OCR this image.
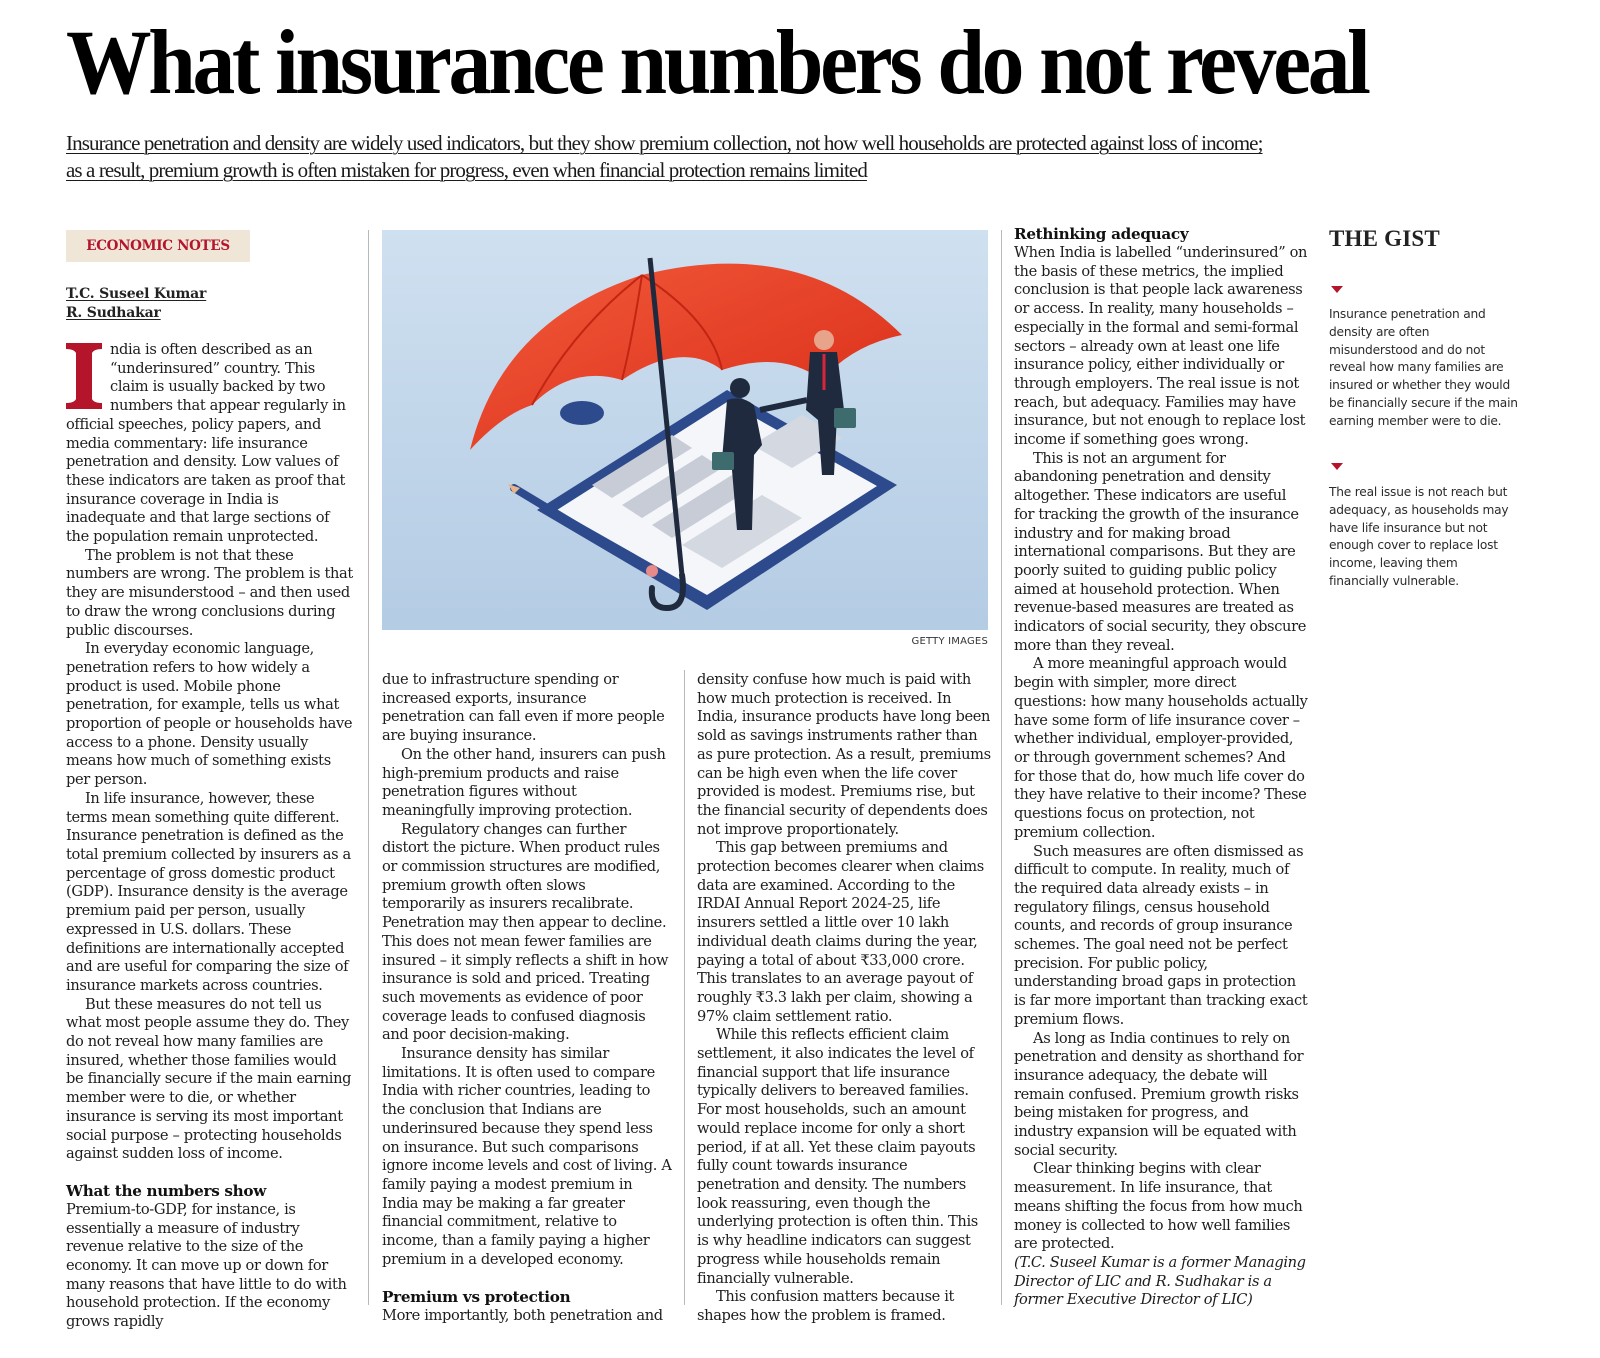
What insurance numbers do not reveal
Insurance penetration and density are widely used indicators, but they show premium collection, not how well households are protected against loss of income;
as a result, premium growth is often mistaken for progress, even when financial protection remains limited
ECONOMIC NOTES
T.C. Suseel Kumar
R. Sudhakar

ndia is often described as an “underinsured” country. This claim is usually backed by two numbers that appear regularly in official speeches, policy papers, and media commentary: life insurance penetration and density. Low values of these indicators are taken as proof that insurance coverage in India is inadequate and that large sections of the population remain unprotected.

The problem is not that these numbers are wrong. The problem is that they are misunderstood – and then used to draw the wrong conclusions during public discourses.

In everyday economic language, penetration refers to how widely a product is used. Mobile phone penetration, for example, tells us what proportion of people or households have access to a phone. Density usually means how much of something exists per person.

In life insurance, however, these terms mean something quite different. Insurance penetration is defined as the total premium collected by insurers as a percentage of gross domestic product (GDP). Insurance density is the average premium paid per person, usually expressed in U.S. dollars. These definitions are internationally accepted and are useful for comparing the size of insurance markets across countries.

But these measures do not tell us what most people assume they do. They do not reveal how many families are insured, whether those families would be financially secure if the main earning member were to die, or whether insurance is serving its most important social purpose – protecting households against sudden loss of income.

What the numbers show

Premium-to-GDP, for instance, is essentially a measure of industry revenue relative to the size of the economy. It can move up or down for many reasons that have little to do with household protection. If the economy grows rapidly

GETTY IMAGES

due to infrastructure spending or increased exports, insurance penetration can fall even if more people are buying insurance.

On the other hand, insurers can push high-premium products and raise penetration figures without meaningfully improving protection.

Regulatory changes can further distort the picture. When product rules or commission structures are modified, premium growth often slows temporarily as insurers recalibrate. Penetration may then appear to decline. This does not mean fewer families are insured – it simply reflects a shift in how insurance is sold and priced. Treating such movements as evidence of poor coverage leads to confused diagnosis and poor decision-making.

Insurance density has similar limitations. It is often used to compare India with richer countries, leading to the conclusion that Indians are underinsured because they spend less on insurance. But such comparisons ignore income levels and cost of living. A family paying a modest premium in India may be making a far greater financial commitment, relative to income, than a family paying a higher premium in a developed economy.

Premium vs protection

More importantly, both penetration and

density confuse how much is paid with how much protection is received. In India, insurance products have long been sold as savings instruments rather than as pure protection. As a result, premiums can be high even when the life cover provided is modest. Premiums rise, but the financial security of dependents does not improve proportionately.

This gap between premiums and protection becomes clearer when claims data are examined. According to the IRDAI Annual Report 2024-25, life insurers settled a little over 10 lakh individual death claims during the year, paying a total of about ₹33,000 crore. This translates to an average payout of roughly ₹3.3 lakh per claim, showing a 97% claim settlement ratio.

While this reflects efficient claim settlement, it also indicates the level of financial support that life insurance typically delivers to bereaved families. For most households, such an amount would replace income for only a short period, if at all. Yet these claim payouts fully count towards insurance penetration and density. The numbers look reassuring, even though the underlying protection is often thin. This is why headline indicators can suggest progress while households remain financially vulnerable.

This confusion matters because it shapes how the problem is framed.

Rethinking adequacy

When India is labelled “underinsured” on the basis of these metrics, the implied conclusion is that people lack awareness or access. In reality, many households – especially in the formal and semi-formal sectors – already own at least one life insurance policy, either individually or through employers. The real issue is not reach, but adequacy. Families may have insurance, but not enough to replace lost income if something goes wrong.

This is not an argument for abandoning penetration and density altogether. These indicators are useful for tracking the growth of the insurance industry and for making broad international comparisons. But they are poorly suited to guiding public policy aimed at household protection. When revenue-based measures are treated as indicators of social security, they obscure more than they reveal.

A more meaningful approach would begin with simpler, more direct questions: how many households actually have some form of life insurance cover – whether individual, employer-provided, or through government schemes? And for those that do, how much life cover do they have relative to their income? These questions focus on protection, not premium collection.

Such measures are often dismissed as difficult to compute. In reality, much of the required data already exists – in regulatory filings, census household counts, and records of group insurance schemes. The goal need not be perfect precision. For public policy, understanding broad gaps in protection is far more important than tracking exact premium flows.

As long as India continues to rely on penetration and density as shorthand for insurance adequacy, the debate will remain confused. Premium growth risks being mistaken for progress, and industry expansion will be equated with social security.

Clear thinking begins with clear measurement. In life insurance, that means shifting the focus from how much money is collected to how well families are protected.

(T.C. Suseel Kumar is a former Managing Director of LIC and R. Sudhakar is a former Executive Director of LIC)

THE GIST
Insurance penetration and density are often misunderstood and do not reveal how many families are insured or whether they would be financially secure if the main earning member were to die.
The real issue is not reach but adequacy, as households may have life insurance but not enough cover to replace lost income, leaving them financially vulnerable.
